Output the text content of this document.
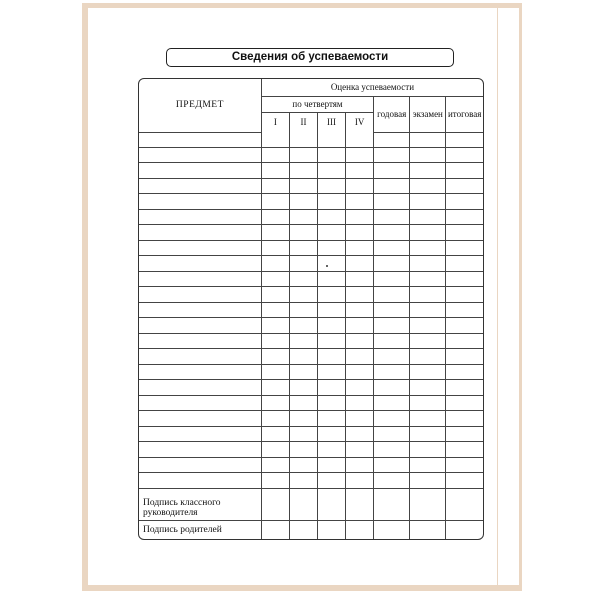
Сведения об успеваемости
ПРЕДМЕТ	Оценка успеваемости						
	по четвертям				годовая	экзамен	итоговая
	I	II	III	IV			

Подпись классного руководителя							
Подпись родителей							
